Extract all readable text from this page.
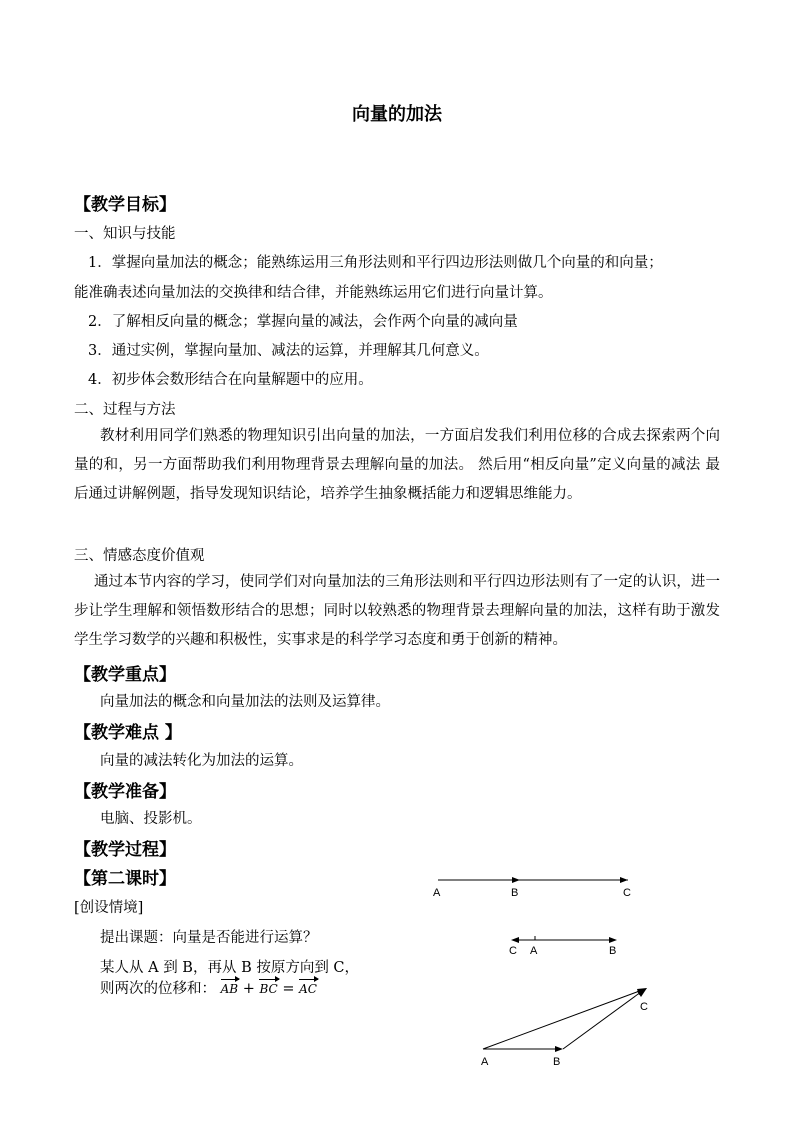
向量的加法
【教学目标】
一、知识与技能
1．掌握向量加法的概念；能熟练运用三角形法则和平行四边形法则做几个向量的和向量；
能准确表述向量加法的交换律和结合律，并能熟练运用它们进行向量计算。
2．了解相反向量的概念；掌握向量的减法，会作两个向量的减向量
3．通过实例，掌握向量加、减法的运算，并理解其几何意义。
4．初步体会数形结合在向量解题中的应用。
二、过程与方法
教材利用同学们熟悉的物理知识引出向量的加法，一方面启发我们利用位移的合成去探索两个向量的和，另一方面帮助我们利用物理背景去理解向量的加法。 然后用“相反向量”定义向量的减法 最后通过讲解例题，指导发现知识结论，培养学生抽象概括能力和逻辑思维能力。
三、情感态度价值观
通过本节内容的学习，使同学们对向量加法的三角形法则和平行四边形法则有了一定的认识，进一步让学生理解和领悟数形结合的思想；同时以较熟悉的物理背景去理解向量的加法，这样有助于激发学生学习数学的兴趣和积极性，实事求是的科学学习态度和勇于创新的精神。
【教学重点】
向量加法的概念和向量加法的法则及运算律。
【教学难点 】
向量的减法转化为加法的运算。
【教学准备】
电脑、投影机。
【教学过程】
【第二课时】
[创设情境]
提出课题：向量是否能进行运算？
某人从 A 到 B，再从 B 按原方向到 C，
则两次的位移和： AB + BC = AC
A	B	C
C A	B
A	B
C
